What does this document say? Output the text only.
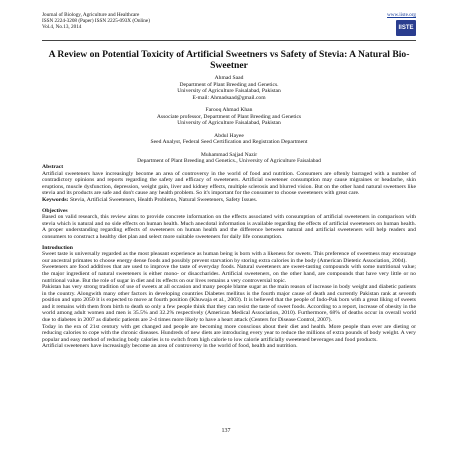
Journal of Biology, Agriculture and Healthcare
ISSN 2224-3208 (Paper) ISSN 2225-093X (Online)
Vol.4, No.13, 2014
www.iiste.org
IISTE
A Review on Potential Toxicity of Artificial Sweetners vs Safety of Stevia: A Natural Bio-Sweetner
Ahmad Saad
Department of Plant Breeding and Genetics.
University of Agriculture Faisalabad, Pakistan
E-mail: Ahmadsaad@gmail.com
Farooq Ahmad Khan
Associate professor, Department of Plant Breeding and Genetics
University of Agriculture Faisalabad, Pakistan
Abdul Hayee
Seed Analyst, Federal Seed Certification and Registration Department
Muhammad Sajjad Nazir
Department of Plant Breeding and Genetics., University of Agriculture Faisalabad
Abstract
Artificial sweeteners have increasingly become an area of controversy in the world of food and nutrition. Consumers are oftenly barraged with a number of contradictory opinions and reports regarding the safety and efficacy of sweeteners. Artificial sweetener consumption may cause migraines or headache, skin eruptions, muscle dysfunction, depression, weight gain, liver and kidney effects, multiple sclerosis and blurred vision. But on the other hand natural sweetners like stevia and its products are safe and don't cause any health problem. So it's important for the consumer to choose sweeteners with great care.
Keywords: Stevia, Artificial Sweeteners, Health Problems, Natural Sweeteners, Safety Issues.
Objectives
Based on valid research, this review aims to provide concrete information on the effects associated with consumption of artificial sweeteners in comparison with stevia which is natural and no side effects on human health. Much anecdotal information is available regarding the effects of artificial sweeteners on human health. A proper understanding regarding effects of sweeteners on human health and the difference between natural and artificial sweeteners will help readers and consumers to construct a healthy diet plan and select more suitable sweeteners for daily life consumption.
Introduction
Sweet taste is universally regarded as the most pleasant experience as human being is born with a likeness for sweets. This preference of sweetness may encourage our ancestral primates to choose energy dense foods and possibly prevent starvation by storing extra calories in the body (American Dietetic Association, 2004).
Sweeteners are food additives that are used to improve the taste of everyday foods. Natural sweeteners are sweet-tasting compounds with some nutritional value; the major ingredient of natural sweeteners is either mono- or disaccharides. Artificial sweeteners, on the other hand, are compounds that have very little or no nutritional value. But the role of sugar in diet and its effects on our lives remains a very controversial topic.
Pakistan has very strong tradition of use of sweets at all occasion and many people blame sugar as the main reason of increase in body weight and diabetic patients in the country. Alongwith many other factors in developing countries Diabetes mellitus is the fourth major cause of death and currently Pakistan rank at seventh position and upto 2050 it is expected to move at fourth position (Khuwaja et al., 2003). It is believed that the people of Indo-Pak born with a great liking of sweets and it remains with them from birth to death so only a few people think that they can resist the taste of sweet foods. According to a report, increase of obesity in the world among adult women and men is 35.5% and 32.2% respectively (American Medical Association, 2010). Furthermore, 68% of deaths occur in overall world due to diabetes in 2007 as diabetic patients are 2-4 times more likely to have a heart attack (Centers for Disease Control, 2007).
Today in the era of 21st century with get changed and people are becoming more conscious about their diet and health. More people than ever are dieting or reducing calories to cope with the chronic diseases. Hundreds of new diets are introducing every year to reduce the millions of extra pounds of body weight. A very popular and easy method of reducing body calories is to switch from high calorie to low calorie artificially sweetened beverages and food products.
Artificial sweeteners have increasingly become an area of controversy in the world of food, health and nutrition.
137
